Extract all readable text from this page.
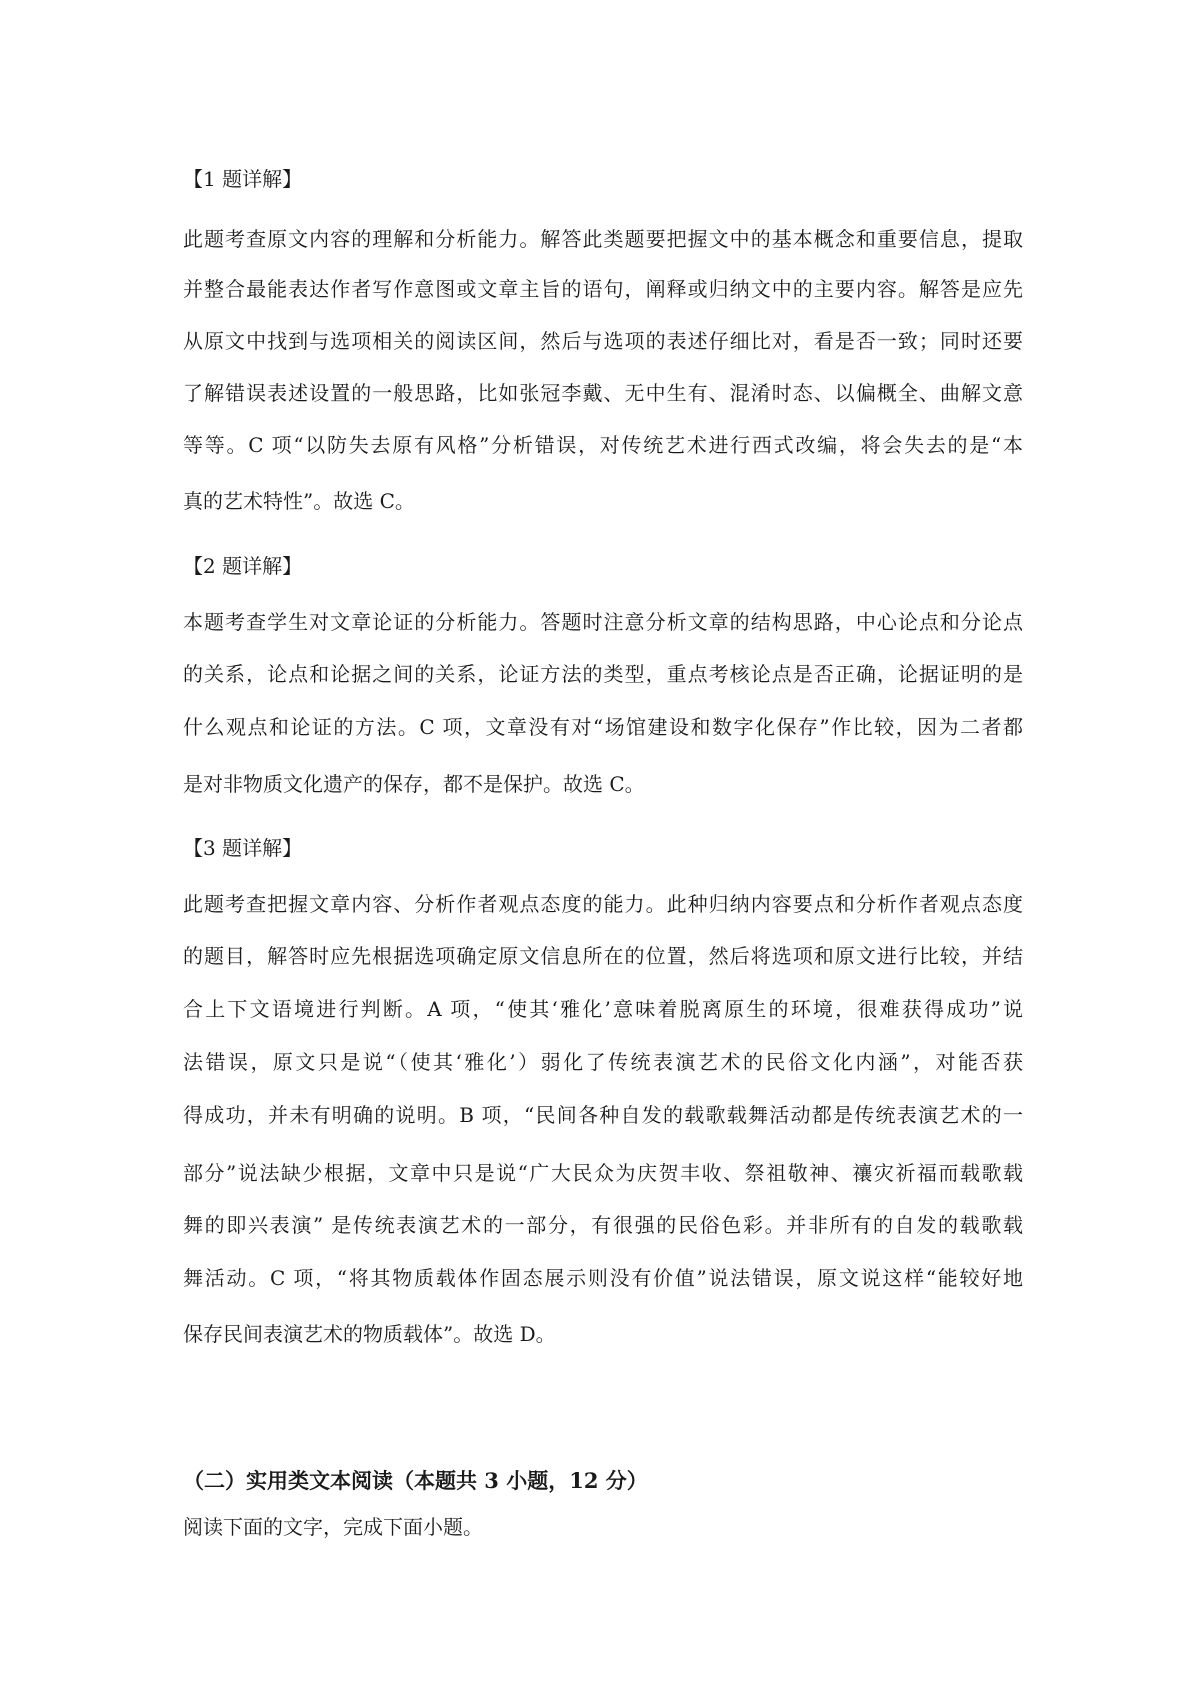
【1 题详解】
此题考查原文内容的理解和分析能力。解答此类题要把握文中的基本概念和重要信息，提取
并整合最能表达作者写作意图或文章主旨的语句，阐释或归纳文中的主要内容。解答是应先
从原文中找到与选项相关的阅读区间，然后与选项的表述仔细比对，看是否一致；同时还要
了解错误表述设置的一般思路，比如张冠李戴、无中生有、混淆时态、以偏概全、曲解文意
等等。C 项“以防失去原有风格”分析错误，对传统艺术进行西式改编，将会失去的是“本
真的艺术特性”。故选 C。
【2 题详解】
本题考查学生对文章论证的分析能力。答题时注意分析文章的结构思路，中心论点和分论点
的关系，论点和论据之间的关系，论证方法的类型，重点考核论点是否正确，论据证明的是
什么观点和论证的方法。C 项，文章没有对“场馆建设和数字化保存”作比较，因为二者都
是对非物质文化遗产的保存，都不是保护。故选 C。
【3 题详解】
此题考查把握文章内容、分析作者观点态度的能力。此种归纳内容要点和分析作者观点态度
的题目，解答时应先根据选项确定原文信息所在的位置，然后将选项和原文进行比较，并结
合上下文语境进行判断。A 项，“使其‘雅化’意味着脱离原生的环境，很难获得成功”说
法错误，原文只是说“（使其‘雅化’）弱化了传统表演艺术的民俗文化内涵”，对能否获
得成功，并未有明确的说明。B 项，“民间各种自发的载歌载舞活动都是传统表演艺术的一
部分”说法缺少根据，文章中只是说“广大民众为庆贺丰收、祭祖敬神、禳灾祈福而载歌载
舞的即兴表演” 是传统表演艺术的一部分，有很强的民俗色彩。并非所有的自发的载歌载
舞活动。C 项，“将其物质载体作固态展示则没有价值”说法错误，原文说这样“能较好地
保存民间表演艺术的物质载体”。故选 D。
（二）实用类文本阅读（本题共 3 小题，12 分）
阅读下面的文字，完成下面小题。
